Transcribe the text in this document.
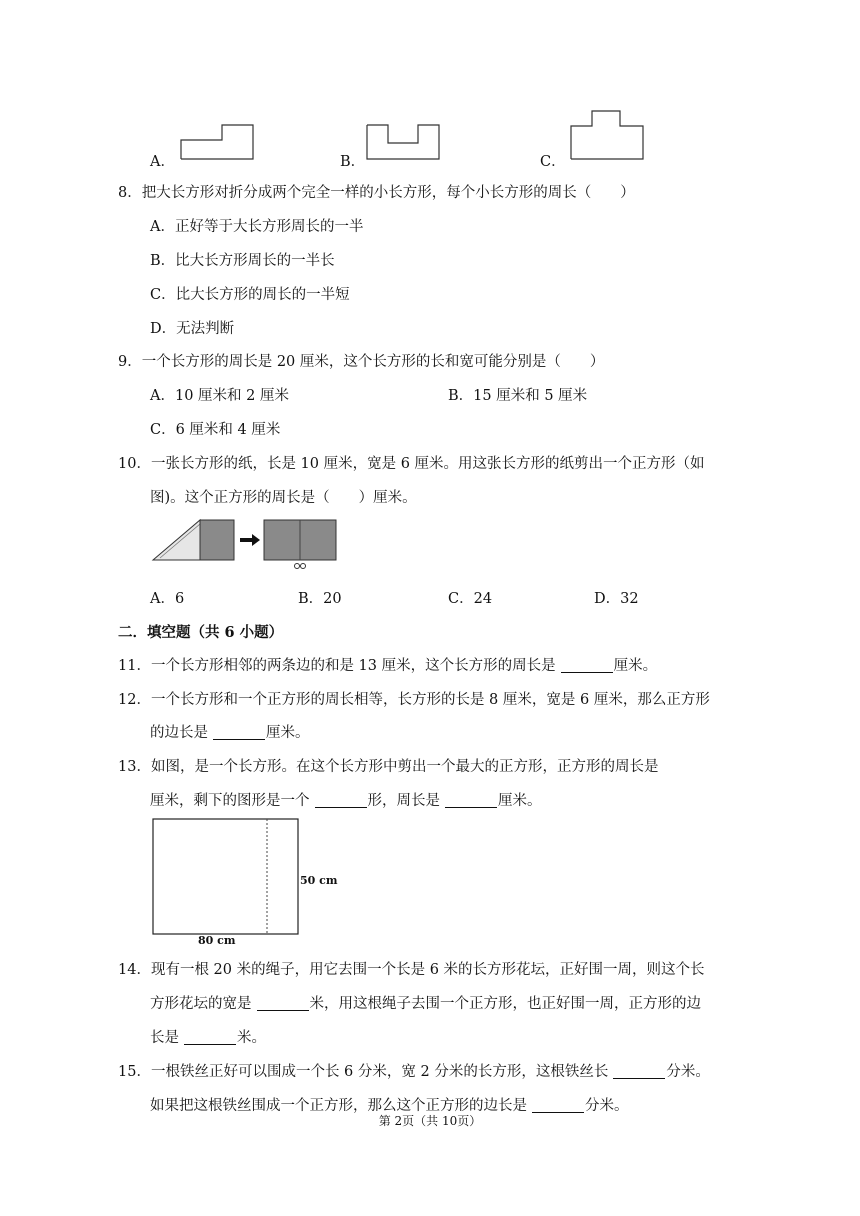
A．	B．	C．
8．把大长方形对折分成两个完全一样的小长方形，每个小长方形的周长（　　）
A．正好等于大长方形周长的一半
B．比大长方形周长的一半长
C．比大长方形的周长的一半短
D．无法判断
9．一个长方形的周长是 20 厘米，这个长方形的长和宽可能分别是（　　）
A．10 厘米和 2 厘米	B．15 厘米和 5 厘米
C．6 厘米和 4 厘米
10．一张长方形的纸，长是 10 厘米，宽是 6 厘米。用这张长方形的纸剪出一个正方形（如
图)。这个正方形的周长是（　　）厘米。
A．6	B．20	C．24	D．32
二．填空题（共 6 小题）
11．一个长方形相邻的两条边的和是 13 厘米，这个长方形的周长是	厘米。
12．一个长方形和一个正方形的周长相等，长方形的长是 8 厘米，宽是 6 厘米，那么正方形
的边长是	厘米。
13．如图，是一个长方形。在这个长方形中剪出一个最大的正方形，正方形的周长是
厘米，剩下的图形是一个	形，周长是	厘米。
50 cm
80 cm
14．现有一根 20 米的绳子，用它去围一个长是 6 米的长方形花坛，正好围一周，则这个长
方形花坛的宽是	米，用这根绳子去围一个正方形，也正好围一周，正方形的边
长是	米。
15．一根铁丝正好可以围成一个长 6 分米，宽 2 分米的长方形，这根铁丝长	分米。
如果把这根铁丝围成一个正方形，那么这个正方形的边长是	分米。
第 2页（共 10页）
